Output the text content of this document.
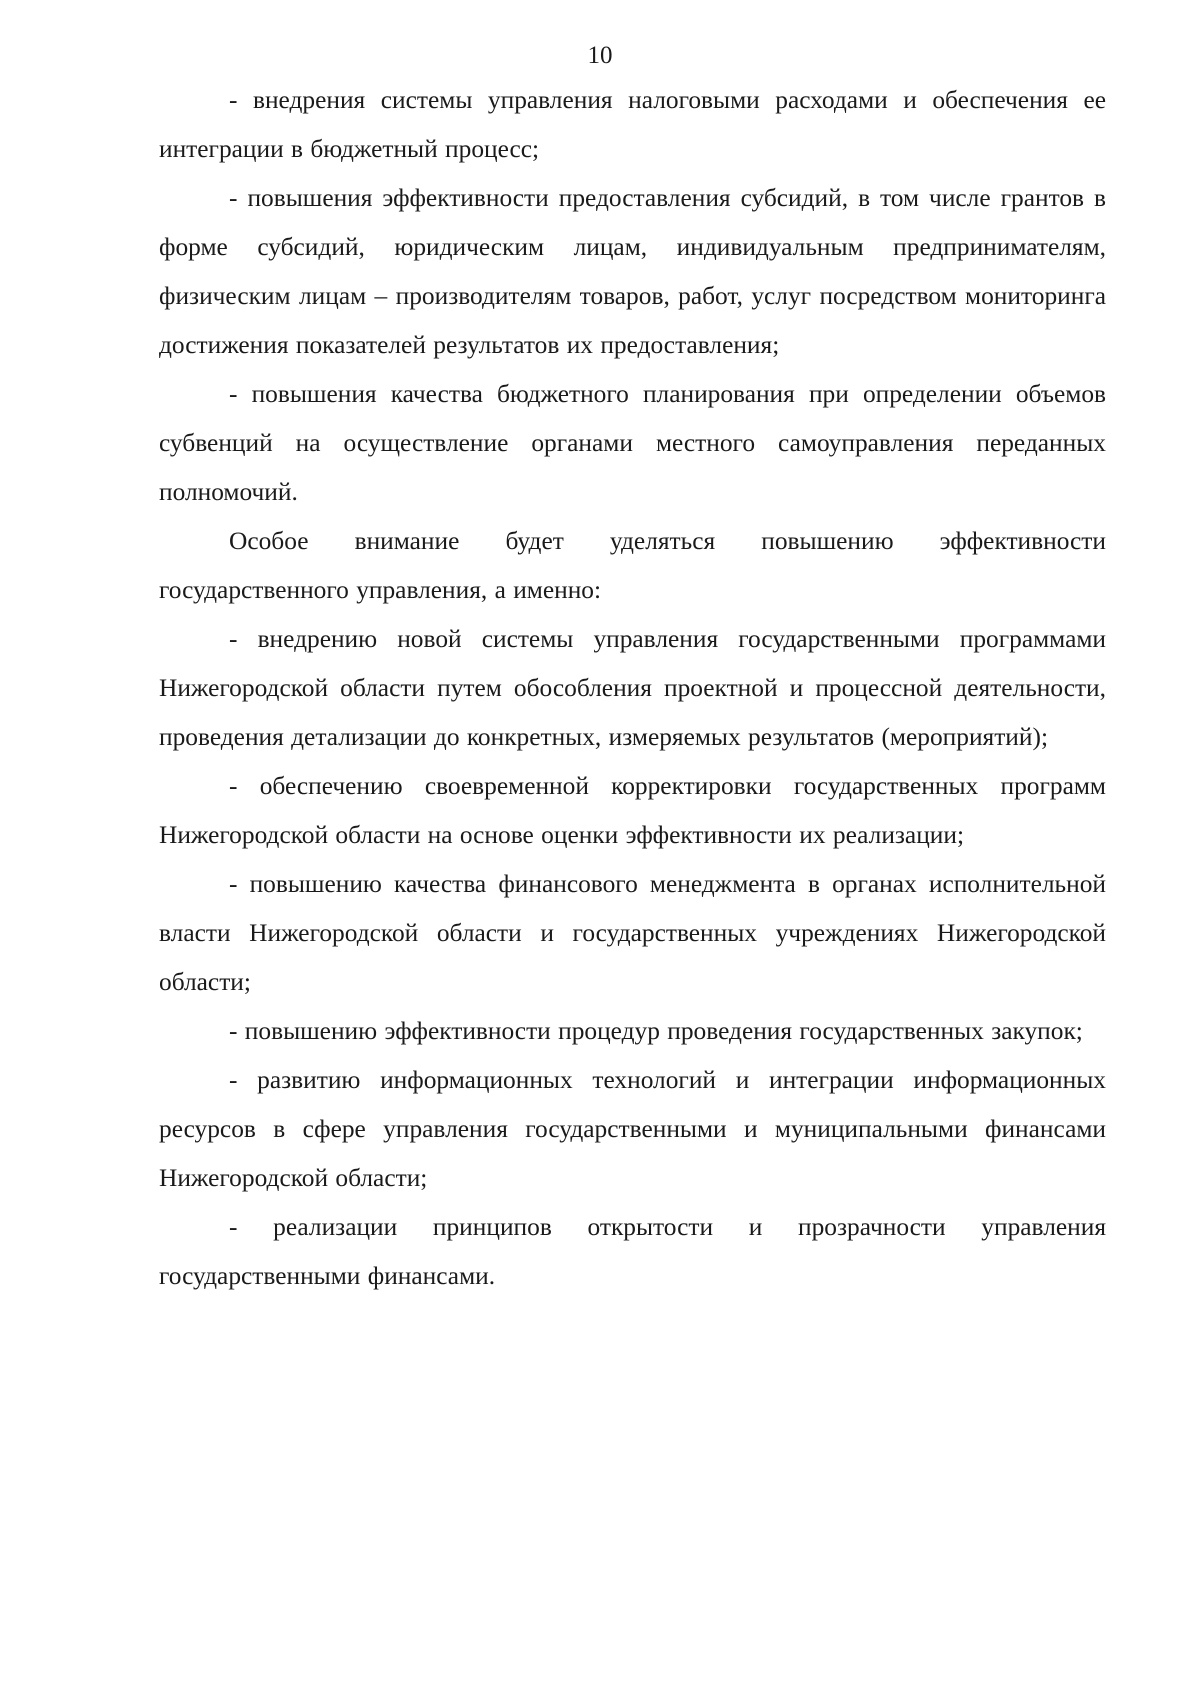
10

- внедрения системы управления налоговыми расходами и обеспечения ее интеграции в бюджетный процесс;

- повышения эффективности предоставления субсидий, в том числе грантов в форме субсидий, юридическим лицам, индивидуальным предпринимателям, физическим лицам – производителям товаров, работ, услуг посредством мониторинга достижения показателей результатов их предоставления;

- повышения качества бюджетного планирования при определении объемов субвенций на осуществление органами местного самоуправления переданных полномочий.

Особое внимание будет уделяться повышению эффективности государственного управления, а именно:

- внедрению новой системы управления государственными программами Нижегородской области путем обособления проектной и процессной деятельности, проведения детализации до конкретных, измеряемых результатов (мероприятий);

- обеспечению своевременной корректировки государственных программ Нижегородской области на основе оценки эффективности их реализации;

- повышению качества финансового менеджмента в органах исполнительной власти Нижегородской области и государственных учреждениях Нижегородской области;

- повышению эффективности процедур проведения государственных закупок;

- развитию информационных технологий и интеграции информационных ресурсов в сфере управления государственными и муниципальными финансами Нижегородской области;

- реализации принципов открытости и прозрачности управления государственными финансами.
